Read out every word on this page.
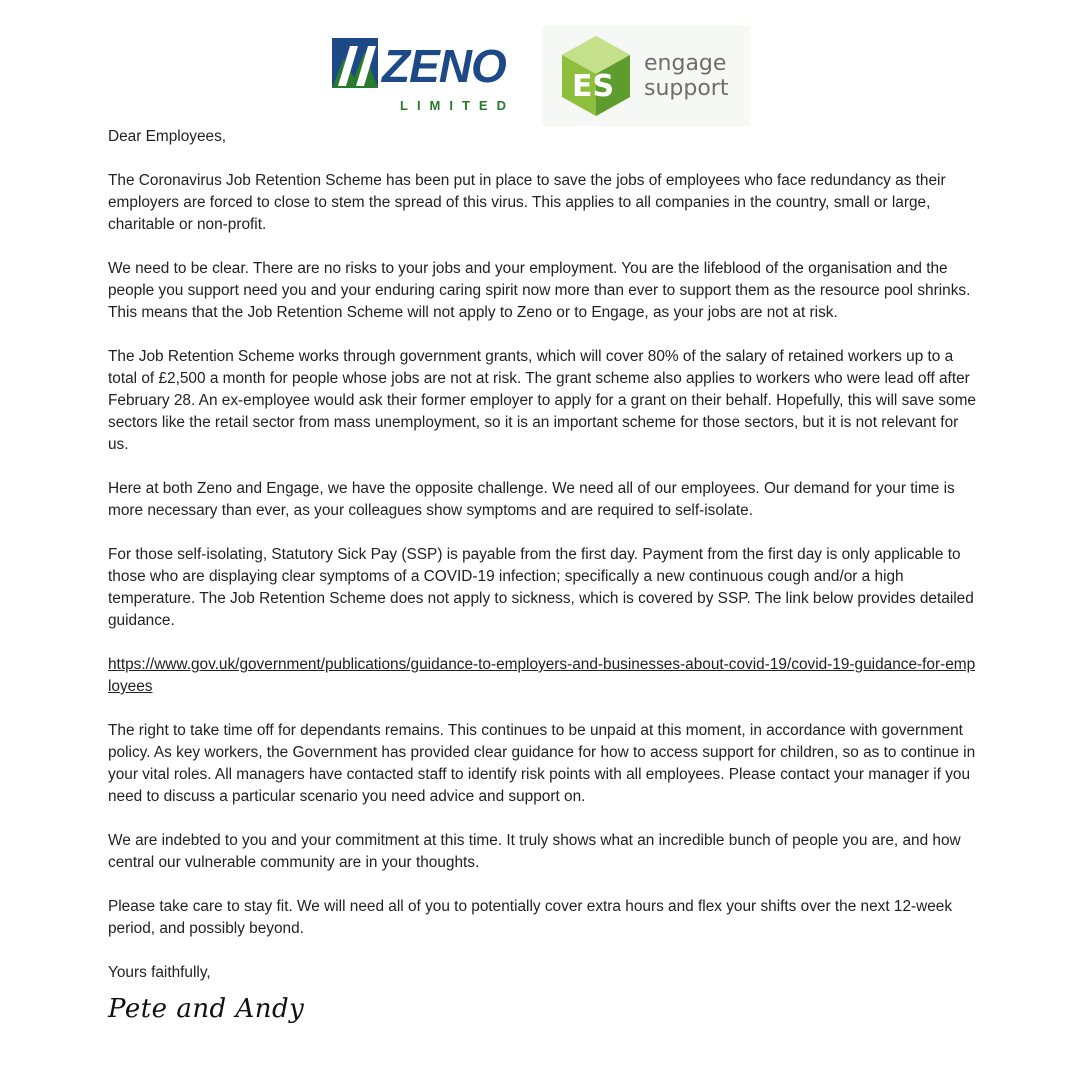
ZENO
LIMITED
ES
engage
support

Dear Employees,

The Coronavirus Job Retention Scheme has been put in place to save the jobs of employees who face redundancy as their employers are forced to close to stem the spread of this virus. This applies to all companies in the country, small or large, charitable or non-profit.

We need to be clear. There are no risks to your jobs and your employment. You are the lifeblood of the organisation and the people you support need you and your enduring caring spirit now more than ever to support them as the resource pool shrinks. This means that the Job Retention Scheme will not apply to Zeno or to Engage, as your jobs are not at risk.

The Job Retention Scheme works through government grants, which will cover 80% of the salary of retained workers up to a total of £2,500 a month for people whose jobs are not at risk. The grant scheme also applies to workers who were lead off after February 28. An ex-employee would ask their former employer to apply for a grant on their behalf. Hopefully, this will save some sectors like the retail sector from mass unemployment, so it is an important scheme for those sectors, but it is not relevant for us.

Here at both Zeno and Engage, we have the opposite challenge. We need all of our employees. Our demand for your time is more necessary than ever, as your colleagues show symptoms and are required to self-isolate.

For those self-isolating, Statutory Sick Pay (SSP) is payable from the first day. Payment from the first day is only applicable to those who are displaying clear symptoms of a COVID-19 infection; specifically a new continuous cough and/or a high temperature. The Job Retention Scheme does not apply to sickness, which is covered by SSP. The link below provides detailed guidance.

https://www.gov.uk/government/publications/guidance-to-employers-and-businesses-about-covid-19/covid-19-guidance-for-employees

The right to take time off for dependants remains. This continues to be unpaid at this moment, in accordance with government policy. As key workers, the Government has provided clear guidance for how to access support for children, so as to continue in your vital roles. All managers have contacted staff to identify risk points with all employees. Please contact your manager if you need to discuss a particular scenario you need advice and support on.

We are indebted to you and your commitment at this time. It truly shows what an incredible bunch of people you are, and how central our vulnerable community are in your thoughts.

Please take care to stay fit. We will need all of you to potentially cover extra hours and flex your shifts over the next 12-week period, and possibly beyond.

Yours faithfully,

Pete and Andy
